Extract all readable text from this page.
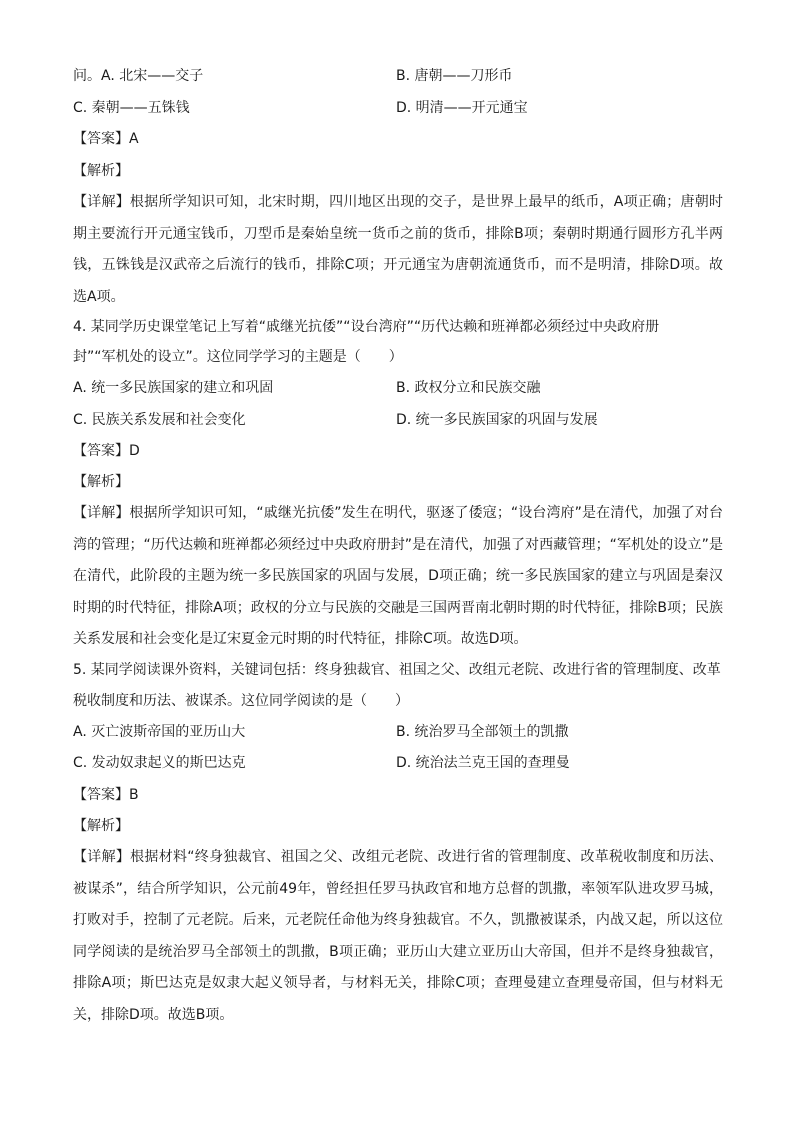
问。A. 北宋——交子	B. 唐朝——刀形币
C. 秦朝——五铢钱	D. 明清——开元通宝
【答案】A
【解析】
【详解】根据所学知识可知，北宋时期，四川地区出现的交子，是世界上最早的纸币，A项正确；唐朝时期主要流行开元通宝钱币，刀型币是秦始皇统一货币之前的货币，排除B项；秦朝时期通行圆形方孔半两钱，五铢钱是汉武帝之后流行的钱币，排除C项；开元通宝为唐朝流通货币，而不是明清，排除D项。故选A项。
4. 某同学历史课堂笔记上写着“戚继光抗倭”“设台湾府”“历代达赖和班禅都必须经过中央政府册
封”“军机处的设立”。这位同学学习的主题是（　　）
A. 统一多民族国家的建立和巩固	B. 政权分立和民族交融
C. 民族关系发展和社会变化	D. 统一多民族国家的巩固与发展
【答案】D
【解析】
【详解】根据所学知识可知，“戚继光抗倭”发生在明代，驱逐了倭寇；“设台湾府”是在清代，加强了对台湾的管理；“历代达赖和班禅都必须经过中央政府册封”是在清代，加强了对西藏管理；“军机处的设立”是在清代，此阶段的主题为统一多民族国家的巩固与发展，D项正确；统一多民族国家的建立与巩固是秦汉时期的时代特征，排除A项；政权的分立与民族的交融是三国两晋南北朝时期的时代特征，排除B项；民族关系发展和社会变化是辽宋夏金元时期的时代特征，排除C项。故选D项。
5. 某同学阅读课外资料，关键词包括：终身独裁官、祖国之父、改组元老院、改进行省的管理制度、改革
税收制度和历法、被谋杀。这位同学阅读的是（　　）
A. 灭亡波斯帝国的亚历山大	B. 统治罗马全部领土的凯撒
C. 发动奴隶起义的斯巴达克	D. 统治法兰克王国的查理曼
【答案】B
【解析】
【详解】根据材料“终身独裁官、祖国之父、改组元老院、改进行省的管理制度、改革税收制度和历法、被谋杀”，结合所学知识，公元前49年，曾经担任罗马执政官和地方总督的凯撒，率领军队进攻罗马城，打败对手，控制了元老院。后来，元老院任命他为终身独裁官。不久，凯撒被谋杀，内战又起，所以这位同学阅读的是统治罗马全部领土的凯撒，B项正确；亚历山大建立亚历山大帝国，但并不是终身独裁官，排除A项；斯巴达克是奴隶大起义领导者，与材料无关，排除C项；查理曼建立查理曼帝国，但与材料无关，排除D项。故选B项。
